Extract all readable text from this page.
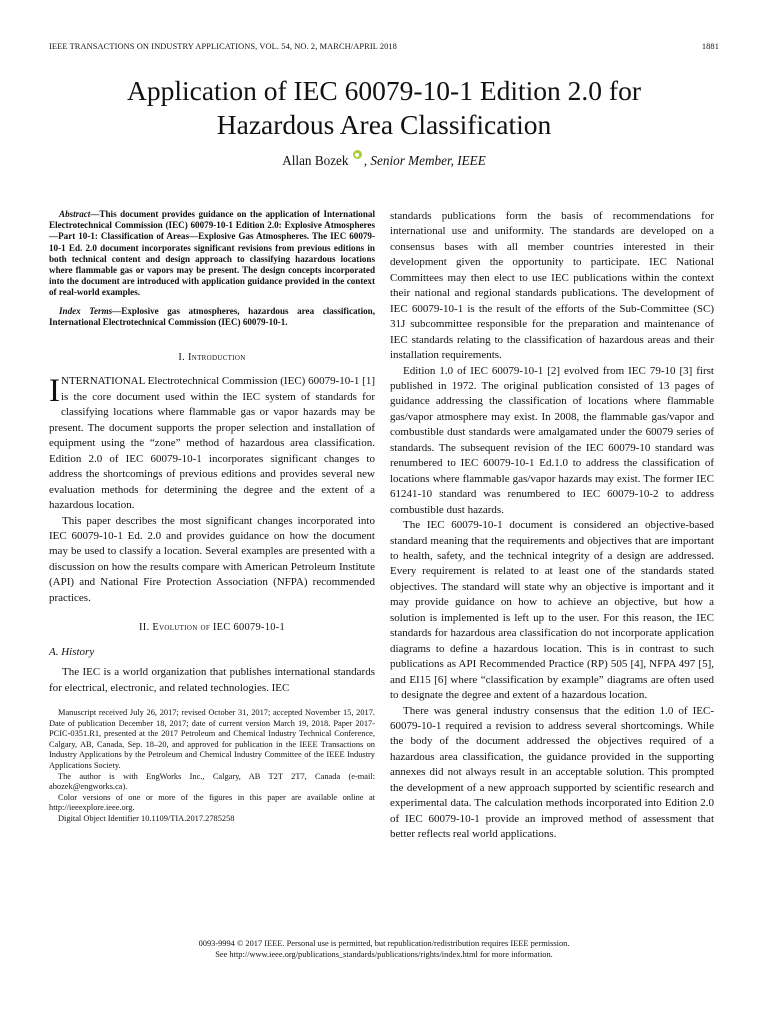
IEEE TRANSACTIONS ON INDUSTRY APPLICATIONS, VOL. 54, NO. 2, MARCH/APRIL 2018	1881
Application of IEC 60079-10-1 Edition 2.0 for
Hazardous Area Classification
Allan Bozek , Senior Member, IEEE

Abstract—This document provides guidance on the application of International Electrotechnical Commission (IEC) 60079-10-1 Edition 2.0: Explosive Atmospheres—Part 10-1: Classification of Areas—Explosive Gas Atmospheres. The IEC 60079-10-1 Ed. 2.0 document incorporates significant revisions from previous editions in both technical content and design approach to classifying hazardous locations where flammable gas or vapors may be present. The design concepts incorporated into the document are introduced with application guidance provided in the context of real-world examples.

Index Terms—Explosive gas atmospheres, hazardous area classification, International Electrotechnical Commission (IEC) 60079-10-1.

I. Introduction

INTERNATIONAL Electrotechnical Commission (IEC) 60079-10-1 [1] is the core document used within the IEC system of standards for classifying locations where flammable gas or vapor hazards may be present. The document supports the proper selection and installation of equipment using the “zone” method of hazardous area classification. Edition 2.0 of IEC 60079-10-1 incorporates significant changes to address the shortcomings of previous editions and provides several new evaluation methods for determining the degree and the extent of a hazardous location.

This paper describes the most significant changes incorporated into IEC 60079-10-1 Ed. 2.0 and provides guidance on how the document may be used to classify a location. Several examples are presented with a discussion on how the results compare with American Petroleum Institute (API) and National Fire Protection Association (NFPA) recommended practices.

II. Evolution of IEC 60079-10-1
A. History

The IEC is a world organization that publishes international standards for electrical, electronic, and related technologies. IEC

Manuscript received July 26, 2017; revised October 31, 2017; accepted November 15, 2017. Date of publication December 18, 2017; date of current version March 19, 2018. Paper 2017-PCIC-0351.R1, presented at the 2017 Petroleum and Chemical Industry Technical Conference, Calgary, AB, Canada, Sep. 18–20, and approved for publication in the IEEE Transactions on Industry Applications by the Petroleum and Chemical Industry Committee of the IEEE Industry Applications Society.

The author is with EngWorks Inc., Calgary, AB T2T 2T7, Canada (e-mail: abozek@engworks.ca).

Color versions of one or more of the figures in this paper are available online at http://ieeexplore.ieee.org.

Digital Object Identifier 10.1109/TIA.2017.2785258

standards publications form the basis of recommendations for international use and uniformity. The standards are developed on a consensus bases with all member countries interested in their development given the opportunity to participate. IEC National Committees may then elect to use IEC publications within the context their national and regional standards publications. The development of IEC 60079-10-1 is the result of the efforts of the Sub-Committee (SC) 31J subcommittee responsible for the preparation and maintenance of IEC standards relating to the classification of hazardous areas and their installation requirements.

Edition 1.0 of IEC 60079-10-1 [2] evolved from IEC 79-10 [3] first published in 1972. The original publication consisted of 13 pages of guidance addressing the classification of locations where flammable gas/vapor atmosphere may exist. In 2008, the flammable gas/vapor and combustible dust standards were amalgamated under the 60079 series of standards. The subsequent revision of the IEC 60079-10 standard was renumbered to IEC 60079-10-1 Ed.1.0 to address the classification of locations where flammable gas/vapor hazards may exist. The former IEC 61241-10 standard was renumbered to IEC 60079-10-2 to address combustible dust hazards.

The IEC 60079-10-1 document is considered an objective-based standard meaning that the requirements and objectives that are important to health, safety, and the technical integrity of a design are addressed. Every requirement is related to at least one of the standards stated objectives. The standard will state why an objective is important and it may provide guidance on how to achieve an objective, but how a solution is implemented is left up to the user. For this reason, the IEC standards for hazardous area classification do not incorporate application diagrams to define a hazardous location. This is in contrast to such publications as API Recommended Practice (RP) 505 [4], NFPA 497 [5], and EI15 [6] where “classification by example” diagrams are often used to designate the degree and extent of a hazardous location.

There was general industry consensus that the edition 1.0 of IEC-60079-10-1 required a revision to address several shortcomings. While the body of the document addressed the objectives required of a hazardous area classification, the guidance provided in the supporting annexes did not always result in an acceptable solution. This prompted the development of a new approach supported by scientific research and experimental data. The calculation methods incorporated into Edition 2.0 of IEC 60079-10-1 provide an improved method of assessment that better reflects real world applications.

0093-9994 © 2017 IEEE. Personal use is permitted, but republication/redistribution requires IEEE permission.
See http://www.ieee.org/publications_standards/publications/rights/index.html for more information.
